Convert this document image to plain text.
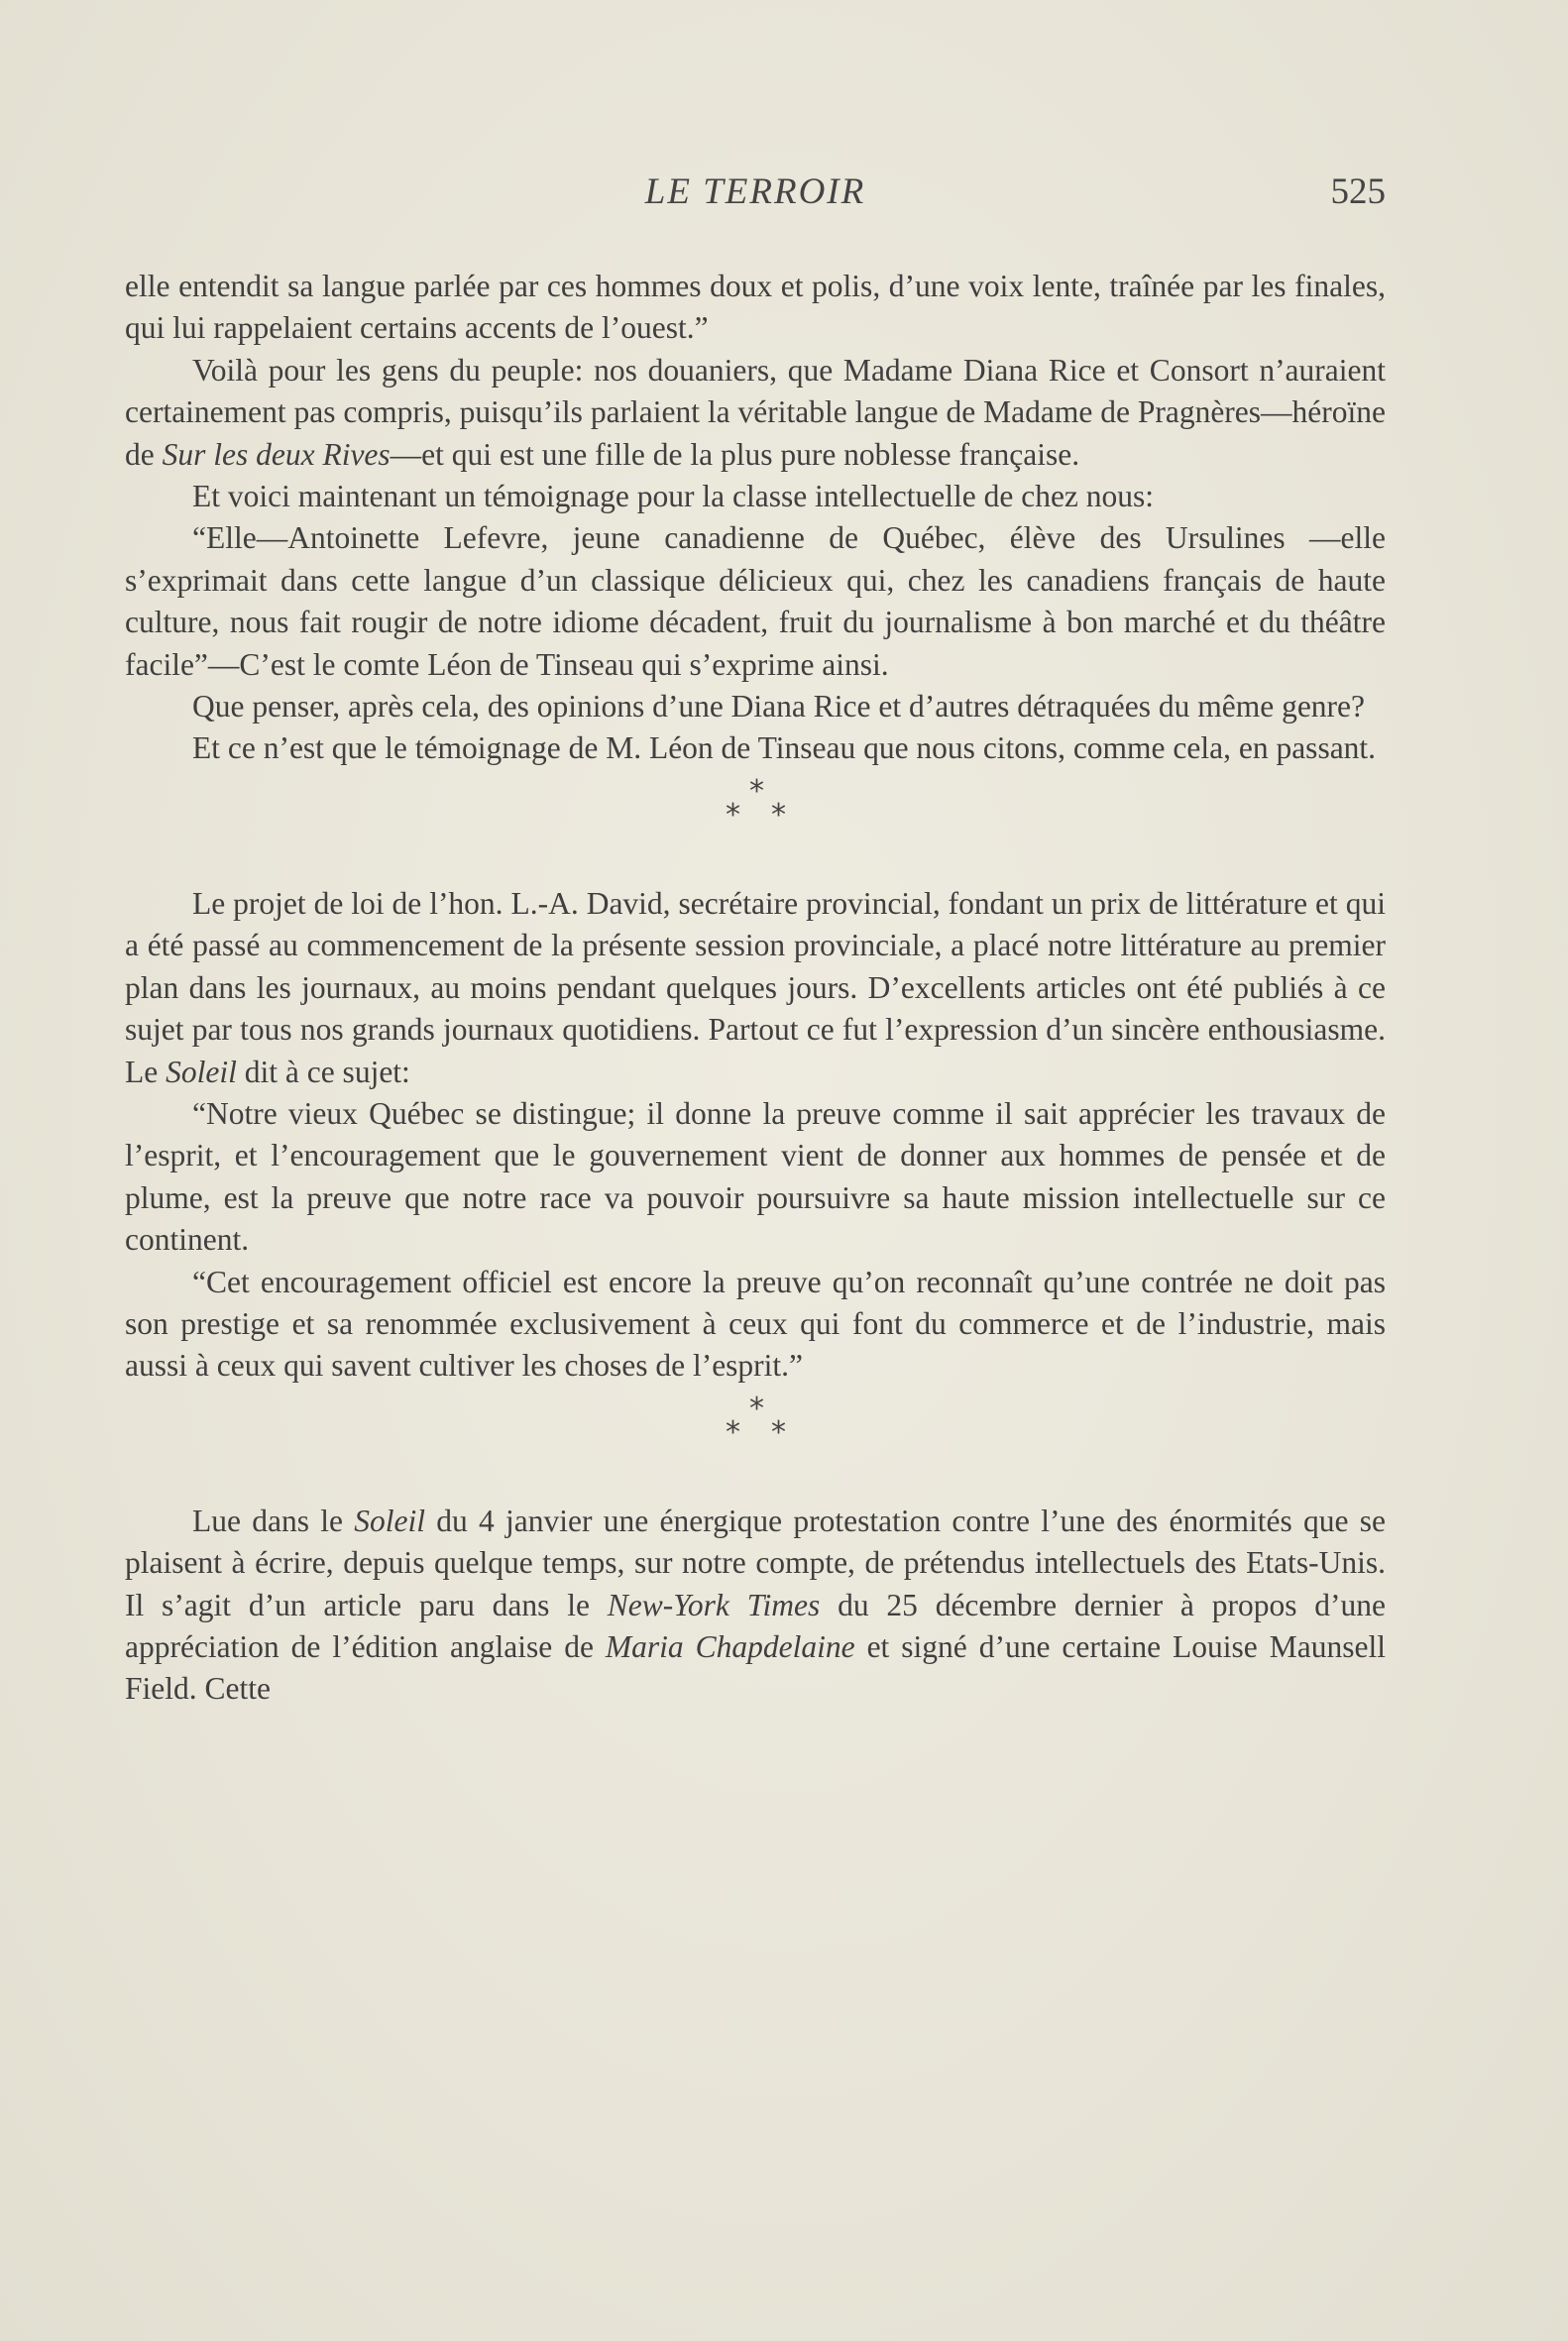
LE TERROIR	525

elle entendit sa langue parlée par ces hommes doux et polis, d’une voix lente, traînée par les finales, qui lui rappelaient certains accents de l’ouest.”

Voilà pour les gens du peuple: nos douaniers, que Madame Diana Rice et Consort n’auraient certainement pas compris, puisqu’ils parlaient la véritable langue de Madame de Pragnères—héroïne de Sur les deux Rives—et qui est une fille de la plus pure noblesse française.

Et voici maintenant un témoignage pour la classe intellectuelle de chez nous:

“Elle—Antoinette Lefevre, jeune canadienne de Québec, élève des Ursulines —elle s’exprimait dans cette langue d’un classique délicieux qui, chez les canadiens français de haute culture, nous fait rougir de notre idiome décadent, fruit du journalisme à bon marché et du théâtre facile”—C’est le comte Léon de Tinseau qui s’exprime ainsi.

Que penser, après cela, des opinions d’une Diana Rice et d’autres détraquées du même genre?

Et ce n’est que le témoignage de M. Léon de Tinseau que nous citons, comme cela, en passant.

*
* *

Le projet de loi de l’hon. L.-A. David, secrétaire provincial, fondant un prix de littérature et qui a été passé au commencement de la présente session provinciale, a placé notre littérature au premier plan dans les journaux, au moins pendant quelques jours. D’excellents articles ont été publiés à ce sujet par tous nos grands journaux quotidiens. Partout ce fut l’expression d’un sincère enthousiasme. Le Soleil dit à ce sujet:

“Notre vieux Québec se distingue; il donne la preuve comme il sait apprécier les travaux de l’esprit, et l’encouragement que le gouvernement vient de donner aux hommes de pensée et de plume, est la preuve que notre race va pouvoir poursuivre sa haute mission intellectuelle sur ce continent.

“Cet encouragement officiel est encore la preuve qu’on reconnaît qu’une contrée ne doit pas son prestige et sa renommée exclusivement à ceux qui font du commerce et de l’industrie, mais aussi à ceux qui savent cultiver les choses de l’esprit.”

*
* *

Lue dans le Soleil du 4 janvier une énergique protestation contre l’une des énormités que se plaisent à écrire, depuis quelque temps, sur notre compte, de prétendus intellectuels des Etats-Unis. Il s’agit d’un article paru dans le New-York Times du 25 décembre dernier à propos d’une appréciation de l’édition anglaise de Maria Chapdelaine et signé d’une certaine Louise Maunsell Field. Cette
